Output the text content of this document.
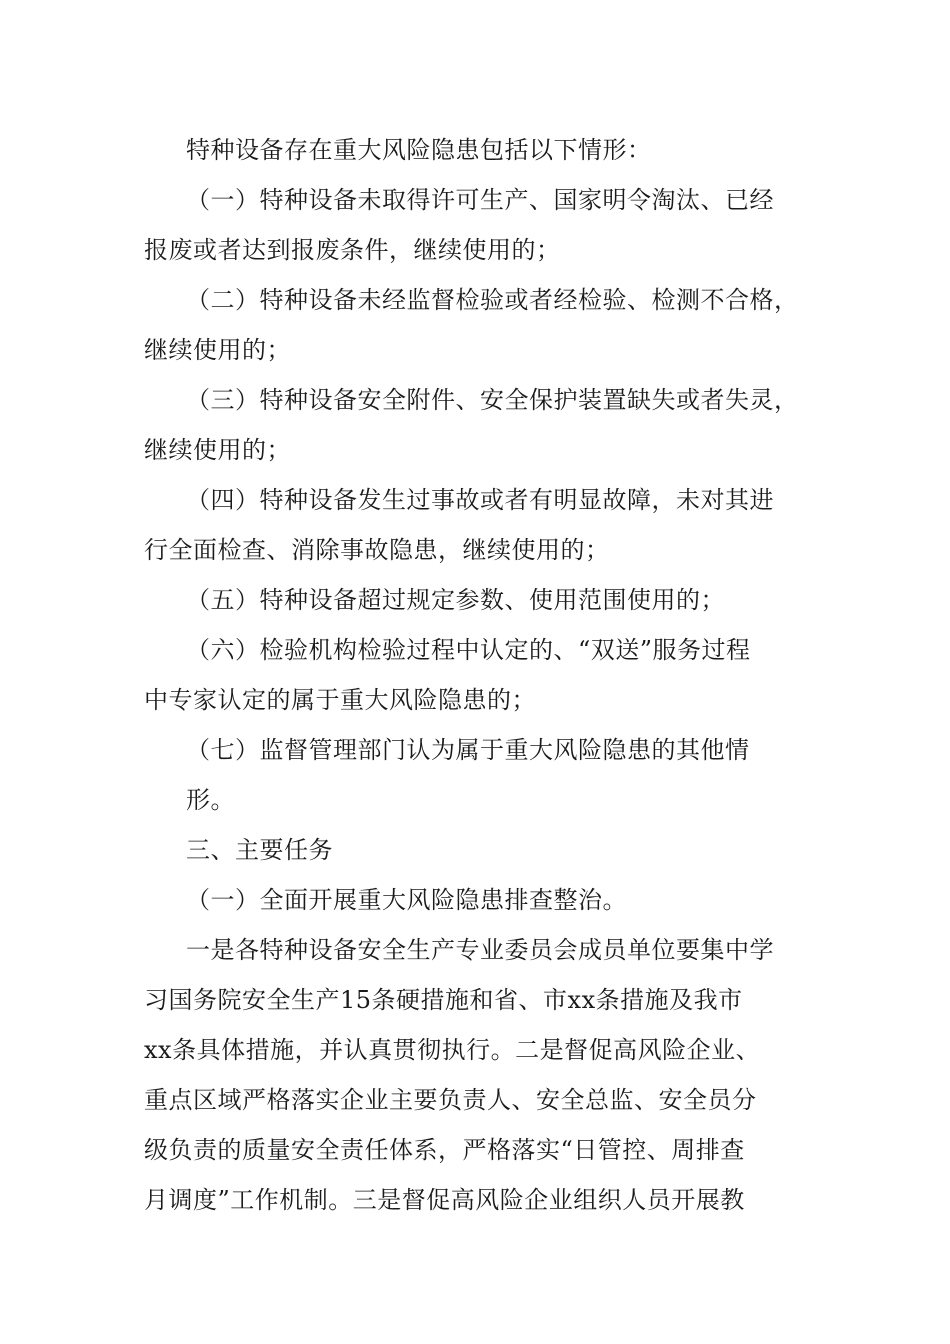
特种设备存在重大风险隐患包括以下情形：
（一）特种设备未取得许可生产、国家明令淘汰、已经
报废或者达到报废条件，继续使用的；
（二）特种设备未经监督检验或者经检验、检测不合格，
继续使用的；
（三）特种设备安全附件、安全保护装置缺失或者失灵，
继续使用的；
（四）特种设备发生过事故或者有明显故障，未对其进
行全面检查、消除事故隐患，继续使用的；
（五）特种设备超过规定参数、使用范围使用的；
（六）检验机构检验过程中认定的、“双送”服务过程
中专家认定的属于重大风险隐患的；
（七）监督管理部门认为属于重大风险隐患的其他情
形。
三、主要任务
（一）全面开展重大风险隐患排查整治。
一是各特种设备安全生产专业委员会成员单位要集中学
习国务院安全生产15条硬措施和省、市xx条措施及我市
xx条具体措施，并认真贯彻执行。二是督促高风险企业、
重点区域严格落实企业主要负责人、安全总监、安全员分
级负责的质量安全责任体系，严格落实“日管控、周排查
月调度”工作机制。三是督促高风险企业组织人员开展教
